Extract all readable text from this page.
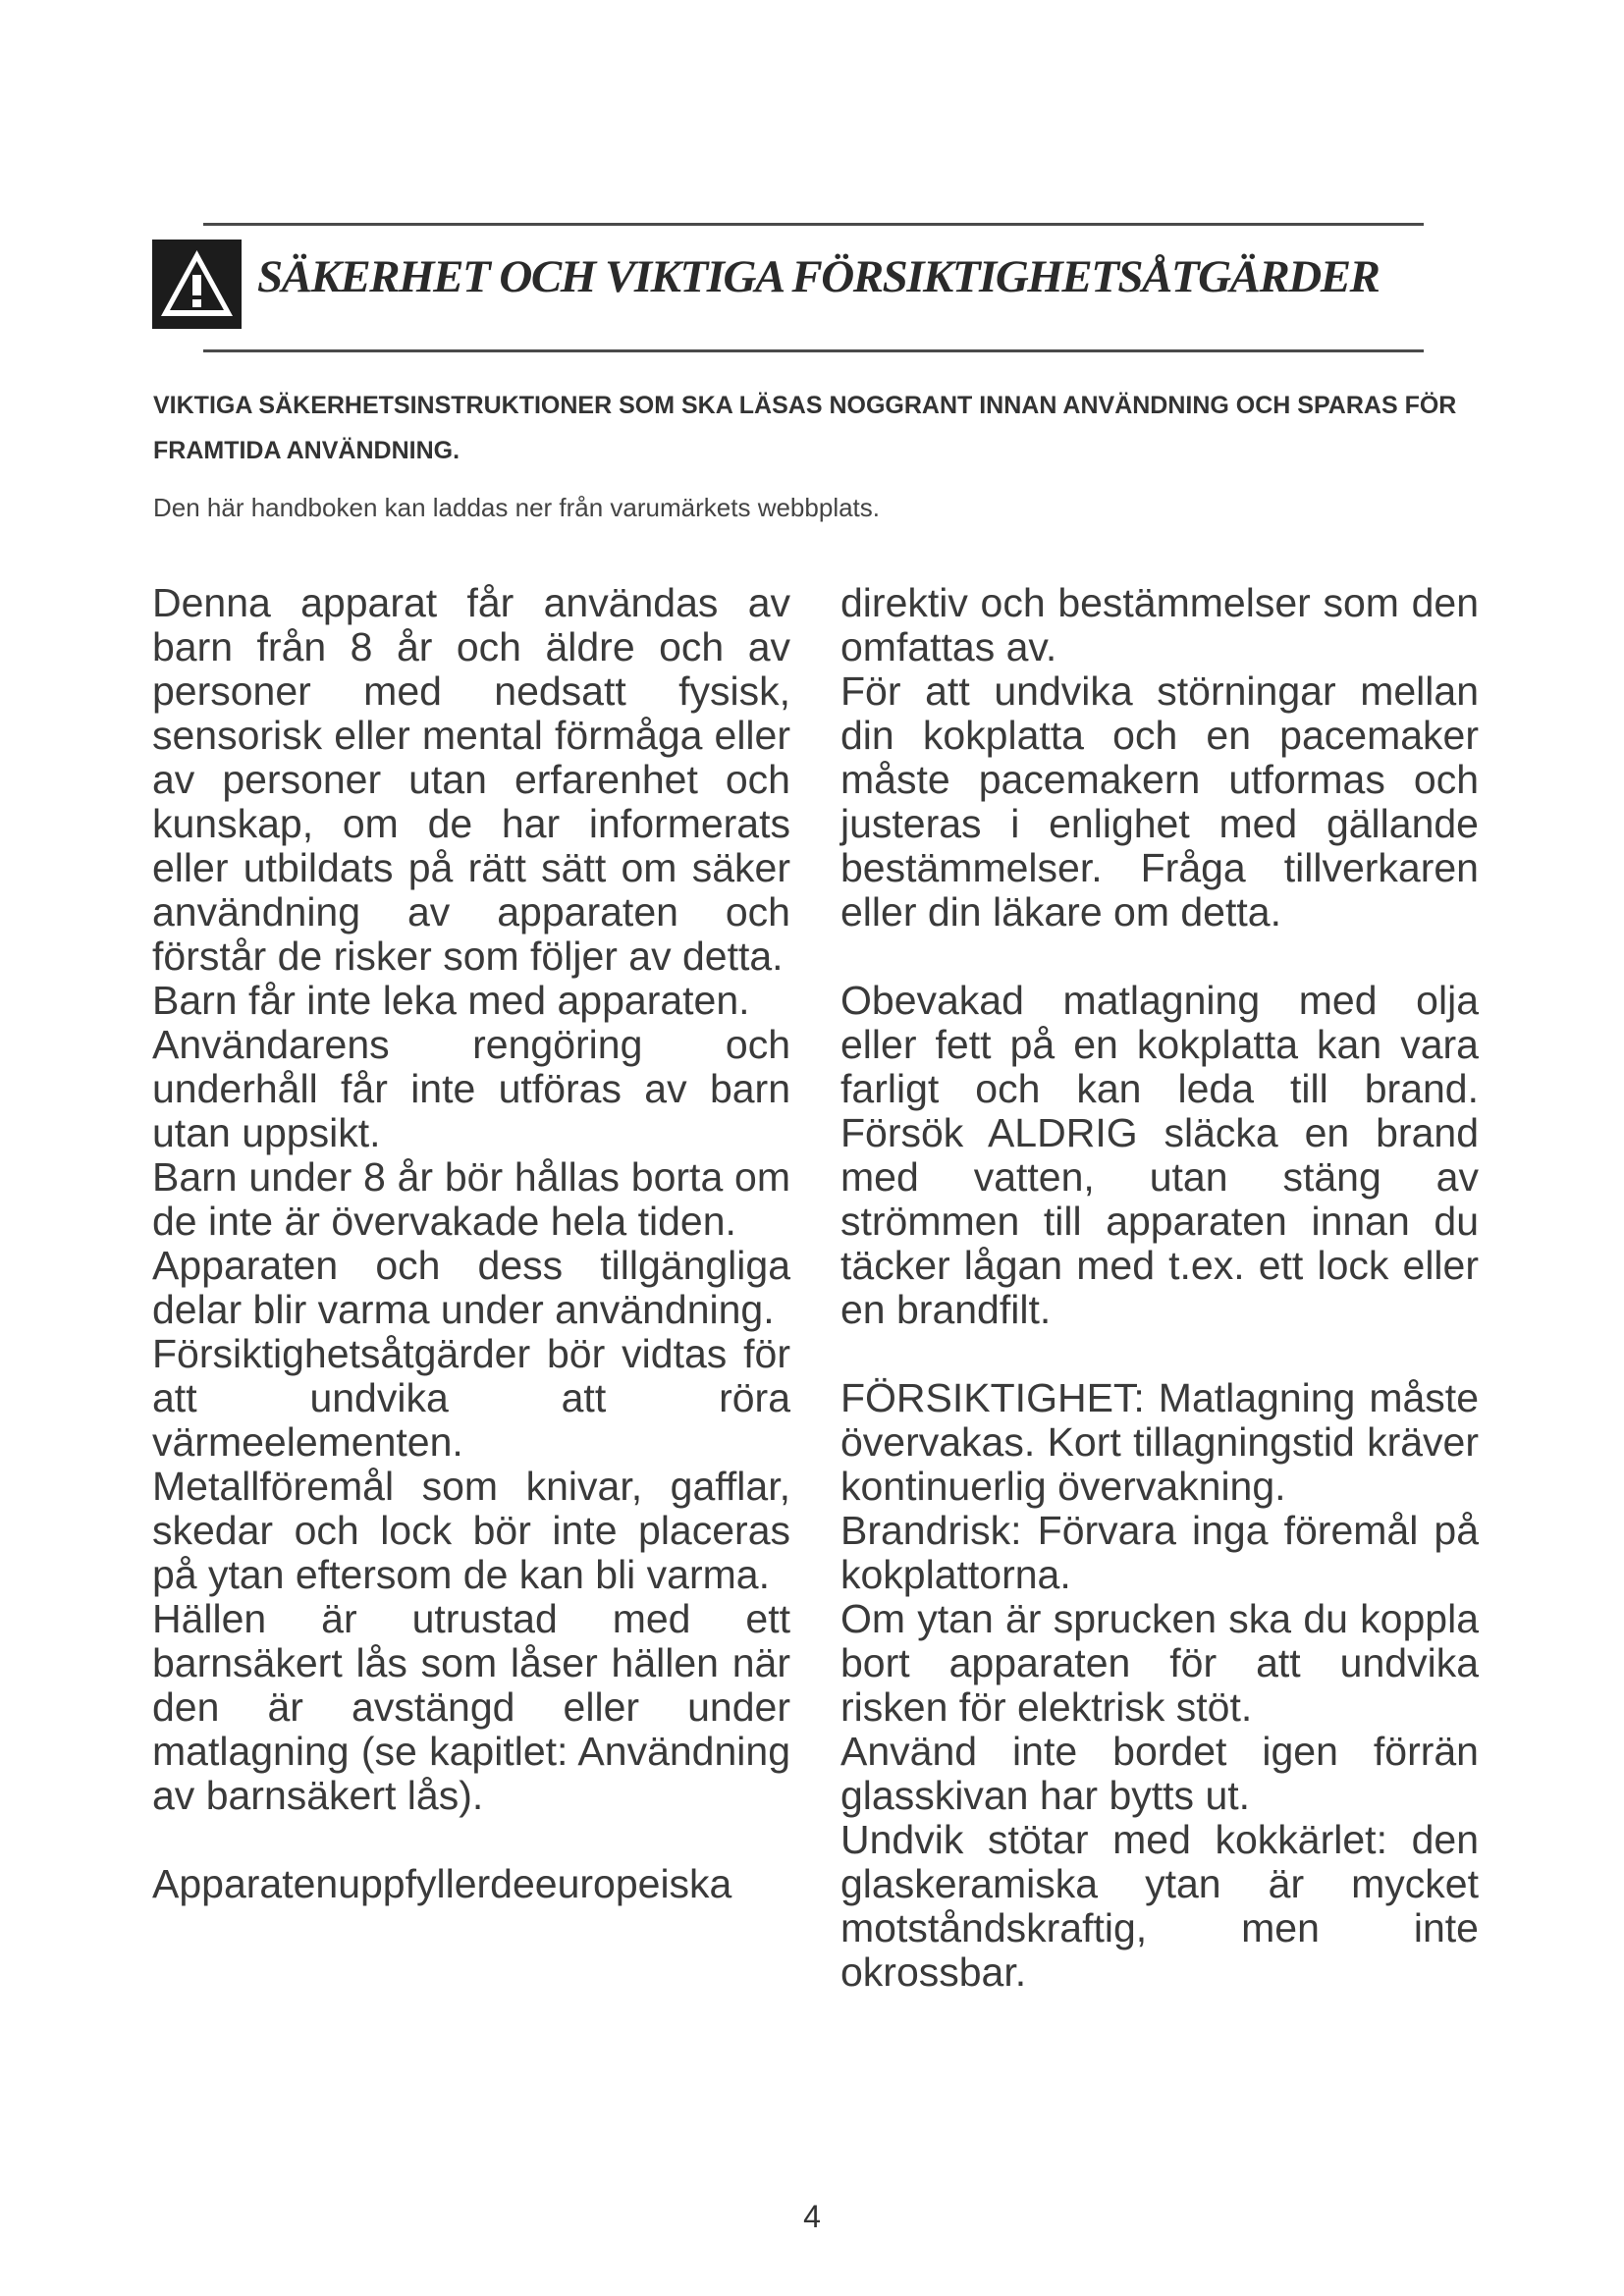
SÄKERHET OCH VIKTIGA FÖRSIKTIGHETSÅTGÄRDER

VIKTIGA SÄKERHETSINSTRUKTIONER SOM SKA LÄSAS NOGGRANT INNAN ANVÄNDNING OCH SPARAS FÖR FRAMTIDA ANVÄNDNING.

Den här handboken kan laddas ner från varumärkets webbplats.

Denna apparat får användas av barn från 8 år och äldre och av personer med nedsatt fysisk, sensorisk eller mental förmåga eller av personer utan erfarenhet och kunskap, om de har informerats eller utbildats på rätt sätt om säker användning av apparaten och förstår de risker som följer av detta.

Barn får inte leka med apparaten.

Användarens rengöring och underhåll får inte utföras av barn utan uppsikt.

Barn under 8 år bör hållas borta om de inte är övervakade hela tiden.

Apparaten och dess tillgängliga delar blir varma under användning.

Försiktighetsåtgärder bör vidtas för att undvika att röra värmeelementen.

Metallföremål som knivar, gafflar, skedar och lock bör inte placeras på ytan eftersom de kan bli varma.

Hällen är utrustad med ett barnsäkert lås som låser hällen när den är avstängd eller under matlagning (se kapitlet: Användning av barnsäkert lås).

Apparatenuppfyllerdeeuropeiska

direktiv och bestämmelser som den omfattas av.

För att undvika störningar mellan din kokplatta och en pacemaker måste pacemakern utformas och justeras i enlighet med gällande bestämmelser. Fråga tillverkaren eller din läkare om detta.

Obevakad matlagning med olja eller fett på en kokplatta kan vara farligt och kan leda till brand. Försök ALDRIG släcka en brand med vatten, utan stäng av strömmen till apparaten innan du täcker lågan med t.ex. ett lock eller en brandfilt.

FÖRSIKTIGHET: Matlagning måste övervakas. Kort tillagningstid kräver kontinuerlig övervakning.

Brandrisk: Förvara inga föremål på kokplattorna.

Om ytan är sprucken ska du koppla bort apparaten för att undvika risken för elektrisk stöt.

Använd inte bordet igen förrän glasskivan har bytts ut.

Undvik stötar med kokkärlet: den glaskeramiska ytan är mycket motståndskraftig, men inte okrossbar.

4
